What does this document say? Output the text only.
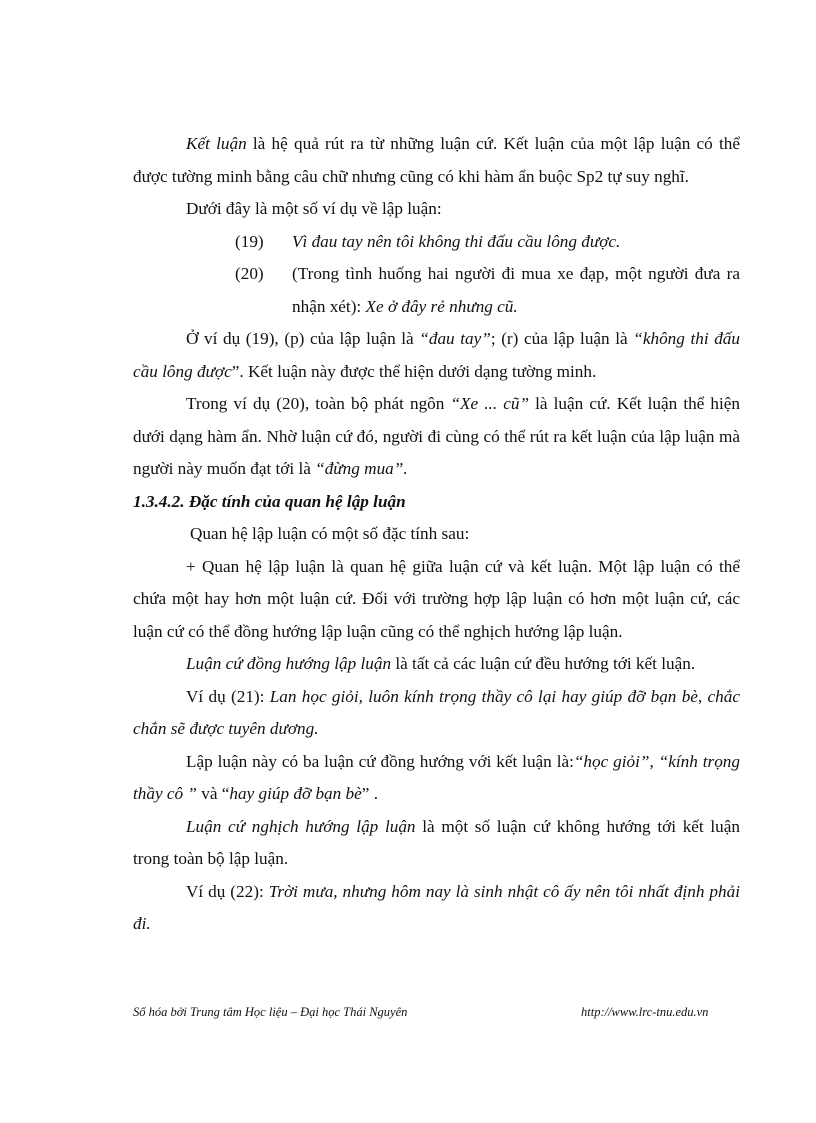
Kết luận là hệ quả rút ra từ những luận cứ. Kết luận của một lập luận có thể được tường minh bằng câu chữ nhưng cũng có khi hàm ẩn buộc Sp2 tự suy nghĩ.

Dưới đây là một số ví dụ về lập luận:

(19)	Vì đau tay nên tôi không thi đấu cầu lông được.
(20)	(Trong tình huống hai người đi mua xe đạp, một người đưa ra nhận xét): Xe ở đây rẻ nhưng cũ.

Ở ví dụ (19), (p) của lập luận là “đau tay”; (r) của lập luận là “không thi đấu cầu lông được”. Kết luận này được thể hiện dưới dạng tường minh.

Trong ví dụ (20), toàn bộ phát ngôn “Xe ... cũ” là luận cứ. Kết luận thể hiện dưới dạng hàm ẩn. Nhờ luận cứ đó, người đi cùng có thể rút ra kết luận của lập luận mà người này muốn đạt tới là “đừng mua”.

1.3.4.2. Đặc tính của quan hệ lập luận

Quan hệ lập luận có một số đặc tính sau:

+ Quan hệ lập luận là quan hệ giữa luận cứ và kết luận. Một lập luận có thể chứa một hay hơn một luận cứ. Đối với trường hợp lập luận có hơn một luận cứ, các luận cứ có thể đồng hướng lập luận cũng có thể nghịch hướng lập luận.

Luận cứ đồng hướng lập luận là tất cả các luận cứ đều hướng tới kết luận.

Ví dụ (21): Lan học giỏi, luôn kính trọng thầy cô lại hay giúp đỡ bạn bè, chắc chắn sẽ được tuyên dương.

Lập luận này có ba luận cứ đồng hướng với kết luận là:“học giỏi”, “kính trọng thầy cô ” và “hay giúp đỡ bạn bè” .

Luận cứ nghịch hướng lập luận là một số luận cứ không hướng tới kết luận trong toàn bộ lập luận.

Ví dụ (22): Trời mưa, nhưng hôm nay là sinh nhật cô ấy nên tôi nhất định phải đi.

Số hóa bởi Trung tâm Học liệu – Đại học Thái Nguyên	http://www.lrc-tnu.edu.vn
